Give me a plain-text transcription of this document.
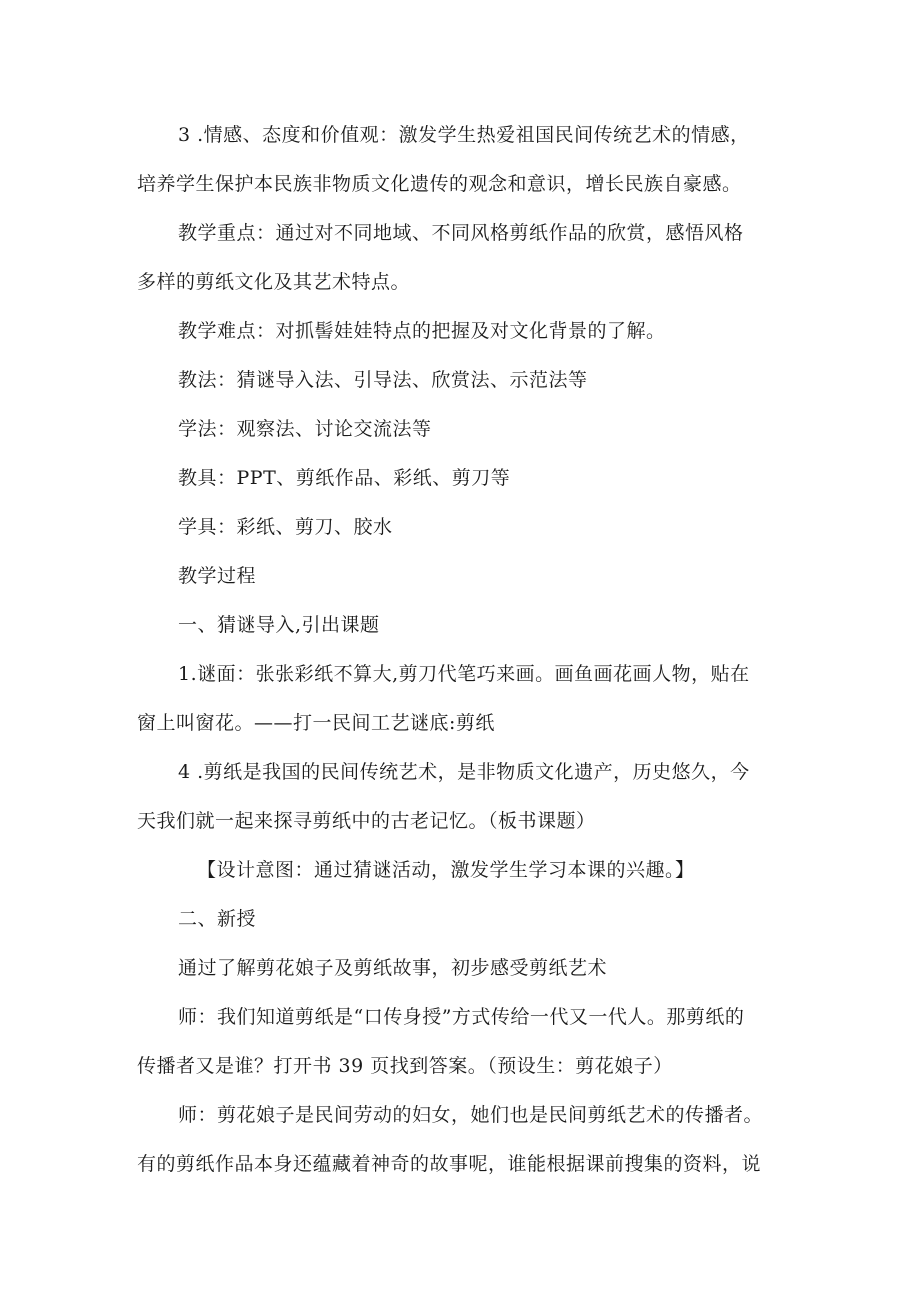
3 .情感、态度和价值观：激发学生热爱祖国民间传统艺术的情感，
培养学生保护本民族非物质文化遗传的观念和意识，增长民族自豪感。
教学重点：通过对不同地域、不同风格剪纸作品的欣赏，感悟风格
多样的剪纸文化及其艺术特点。
教学难点：对抓髻娃娃特点的把握及对文化背景的了解。
教法：猜谜导入法、引导法、欣赏法、示范法等
学法：观察法、讨论交流法等
教具：PPT、剪纸作品、彩纸、剪刀等
学具：彩纸、剪刀、胶水
教学过程
一、猜谜导入,引出课题
1.谜面：张张彩纸不算大,剪刀代笔巧来画。画鱼画花画人物，贴在
窗上叫窗花。——打一民间工艺谜底:剪纸
4 .剪纸是我国的民间传统艺术，是非物质文化遗产，历史悠久，今
天我们就一起来探寻剪纸中的古老记忆。（板书课题）
【设计意图：通过猜谜活动，激发学生学习本课的兴趣。】
二、新授
通过了解剪花娘子及剪纸故事，初步感受剪纸艺术
师：我们知道剪纸是“口传身授”方式传给一代又一代人。那剪纸的
传播者又是谁？打开书 39 页找到答案。（预设生：剪花娘子）
师：剪花娘子是民间劳动的妇女，她们也是民间剪纸艺术的传播者。
有的剪纸作品本身还蕴藏着神奇的故事呢，谁能根据课前搜集的资料，说
